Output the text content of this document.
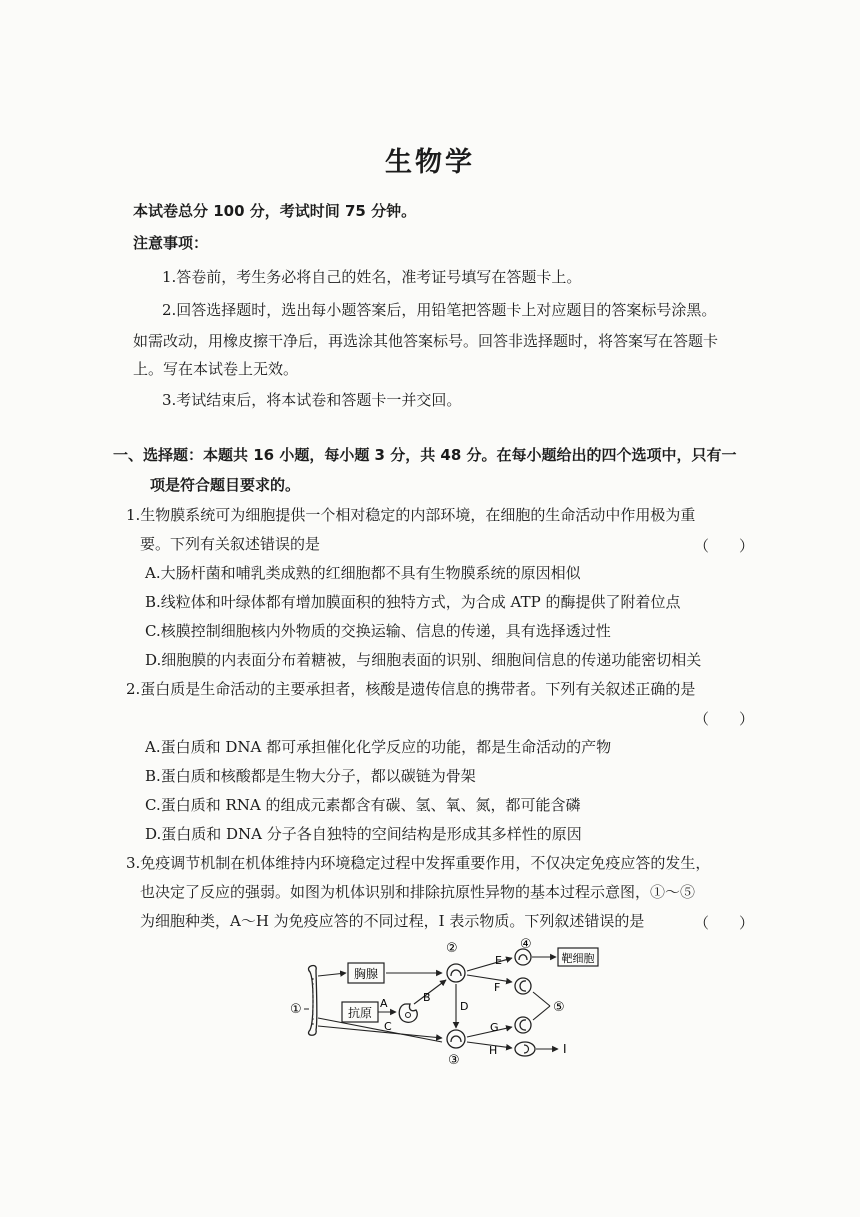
生物学
本试卷总分 100 分，考试时间 75 分钟。
注意事项：
1.答卷前，考生务必将自己的姓名，准考证号填写在答题卡上。
2.回答选择题时，选出每小题答案后，用铅笔把答题卡上对应题目的答案标号涂黑。
如需改动，用橡皮擦干净后，再选涂其他答案标号。回答非选择题时，将答案写在答题卡
上。写在本试卷上无效。
3.考试结束后，将本试卷和答题卡一并交回。
一、选择题：本题共 16 小题，每小题 3 分，共 48 分。在每小题给出的四个选项中，只有一
项是符合题目要求的。
1.生物膜系统可为细胞提供一个相对稳定的内部环境，在细胞的生命活动中作用极为重
要。下列有关叙述错误的是	（　　）
A.大肠杆菌和哺乳类成熟的红细胞都不具有生物膜系统的原因相似
B.线粒体和叶绿体都有增加膜面积的独特方式，为合成 ATP 的酶提供了附着位点
C.核膜控制细胞核内外物质的交换运输、信息的传递，具有选择透过性
D.细胞膜的内表面分布着糖被，与细胞表面的识别、细胞间信息的传递功能密切相关
2.蛋白质是生命活动的主要承担者，核酸是遗传信息的携带者。下列有关叙述正确的是
（　　）
A.蛋白质和 DNA 都可承担催化化学反应的功能，都是生命活动的产物
B.蛋白质和核酸都是生物大分子，都以碳链为骨架
C.蛋白质和 RNA 的组成元素都含有碳、氢、氧、氮，都可能含磷
D.蛋白质和 DNA 分子各自独特的空间结构是形成其多样性的原因
3.免疫调节机制在机体维持内环境稳定过程中发挥重要作用，不仅决定免疫应答的发生，
也决定了反应的强弱。如图为机体识别和排除抗原性异物的基本过程示意图，①～⑤
为细胞种类，A～H 为免疫应答的不同过程，I 表示物质。下列叙述错误的是	（　　）
①
胸腺
②
抗原
A	B
C
D
③
E
F
④
靶细胞
G
H	I
⑤
